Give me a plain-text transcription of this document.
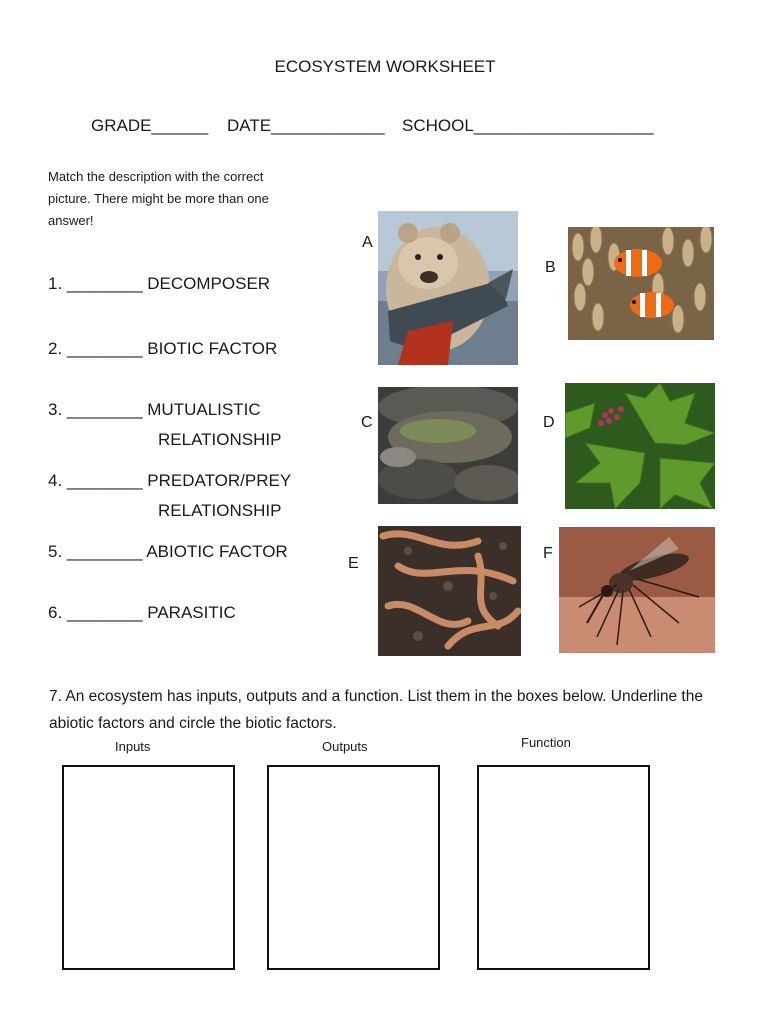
ECOSYSTEM WORKSHEET
GRADE______ DATE____________ SCHOOL___________________
Match the description with the correct picture. There might be more than one answer!
1. ________ DECOMPOSER
2. ________ BIOTIC FACTOR
3. ________ MUTUALISTIC
RELATIONSHIP
4. ________ PREDATOR/PREY
RELATIONSHIP
5. ________ ABIOTIC FACTOR
6. ________ PARASITIC
A
B
C	D
E
F
7. An ecosystem has inputs, outputs and a function. List them in the boxes below. Underline the abiotic factors and circle the biotic factors.
Inputs	Outputs	Function
